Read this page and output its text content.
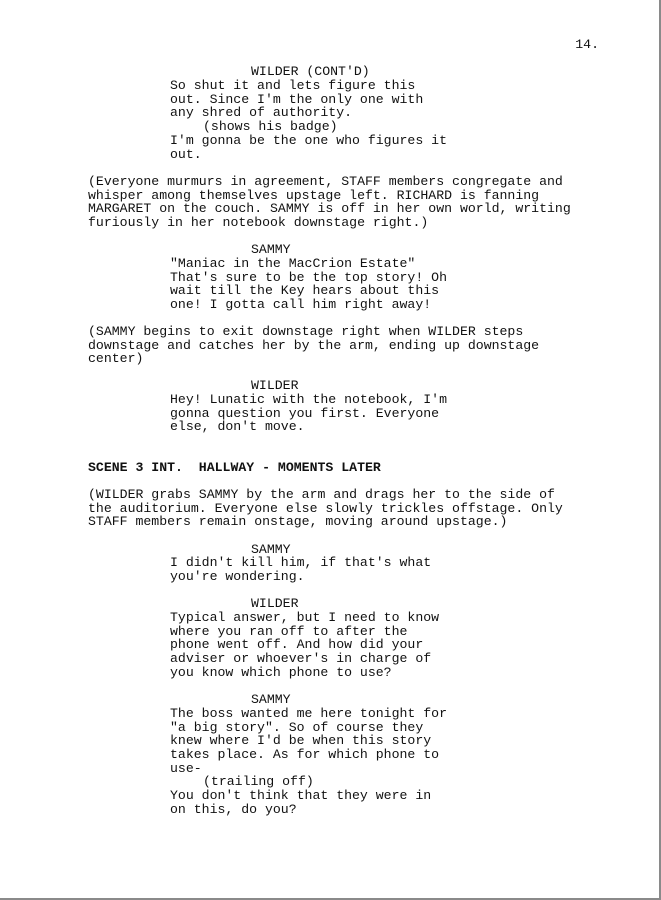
14.
WILDER (CONT'D)
So shut it and lets figure this
out. Since I'm the only one with
any shred of authority.
(shows his badge)
I'm gonna be the one who figures it
out.
(Everyone murmurs in agreement, STAFF members congregate and
whisper among themselves upstage left. RICHARD is fanning
MARGARET on the couch. SAMMY is off in her own world, writing
furiously in her notebook downstage right.)
SAMMY
"Maniac in the MacCrion Estate"
That's sure to be the top story! Oh
wait till the Key hears about this
one! I gotta call him right away!
(SAMMY begins to exit downstage right when WILDER steps
downstage and catches her by the arm, ending up downstage
center)
WILDER
Hey! Lunatic with the notebook, I'm
gonna question you first. Everyone
else, don't move.
SCENE 3 INT.  HALLWAY - MOMENTS LATER
(WILDER grabs SAMMY by the arm and drags her to the side of
the auditorium. Everyone else slowly trickles offstage. Only
STAFF members remain onstage, moving around upstage.)
SAMMY
I didn't kill him, if that's what
you're wondering.
WILDER
Typical answer, but I need to know
where you ran off to after the
phone went off. And how did your
adviser or whoever's in charge of
you know which phone to use?
SAMMY
The boss wanted me here tonight for
"a big story". So of course they
knew where I'd be when this story
takes place. As for which phone to
use-
(trailing off)
You don't think that they were in
on this, do you?
